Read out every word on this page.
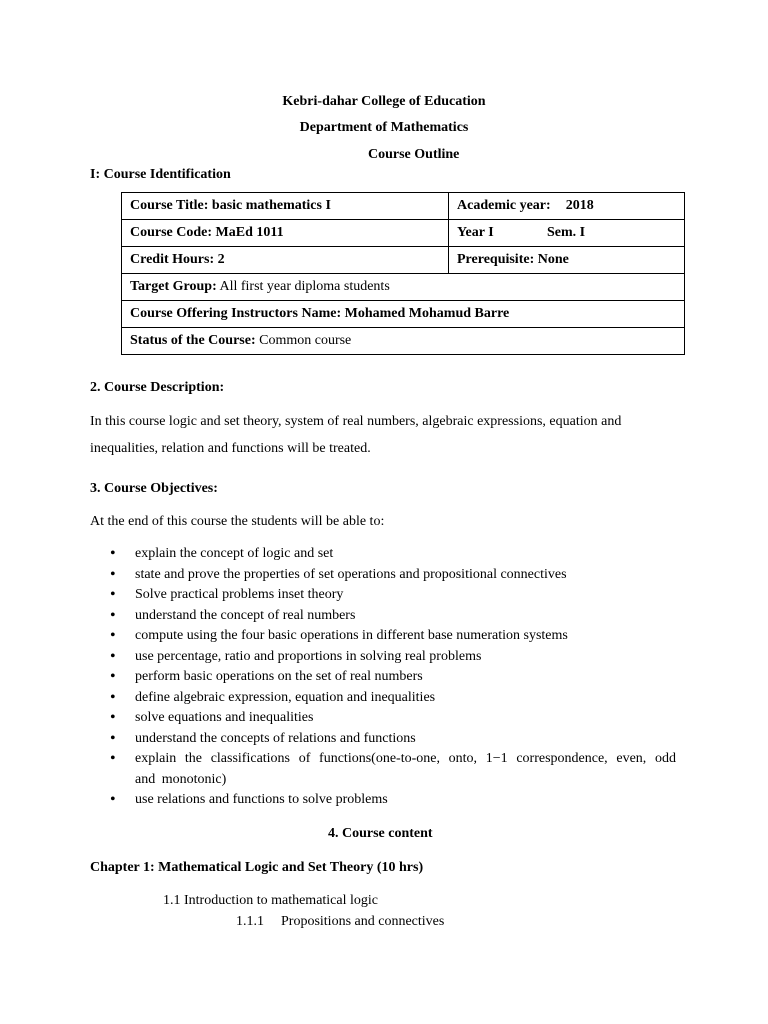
Kebri-dahar College of Education
Department of Mathematics
Course Outline
I: Course Identification
Course Title: basic mathematics I	Academic year: 2018
Course Code: MaEd 1011	Year I Sem. I
Credit Hours: 2	Prerequisite: None
Target Group: All first year diploma students	
Course Offering Instructors Name: Mohamed Mohamud Barre	
Status of the Course: Common course	
2. Course Description:
In this course logic and set theory, system of real numbers, algebraic expressions, equation and inequalities, relation and functions will be treated.
3. Course Objectives:
At the end of this course the students will be able to:
• explain the concept of logic and set
• state and prove the properties of set operations and propositional connectives
• Solve practical problems inset theory
• understand the concept of real numbers
• compute using the four basic operations in different base numeration systems
• use percentage, ratio and proportions in solving real problems
• perform basic operations on the set of real numbers
• define algebraic expression, equation and inequalities
• solve equations and inequalities
• understand the concepts of relations and functions
• explain the classifications of functions(one-to-one, onto, 1−1 correspondence, even, odd and monotonic)
• use relations and functions to solve problems
4. Course content
Chapter 1: Mathematical Logic and Set Theory (10 hrs)
1.1 Introduction to mathematical logic
1.1.1 Propositions and connectives
